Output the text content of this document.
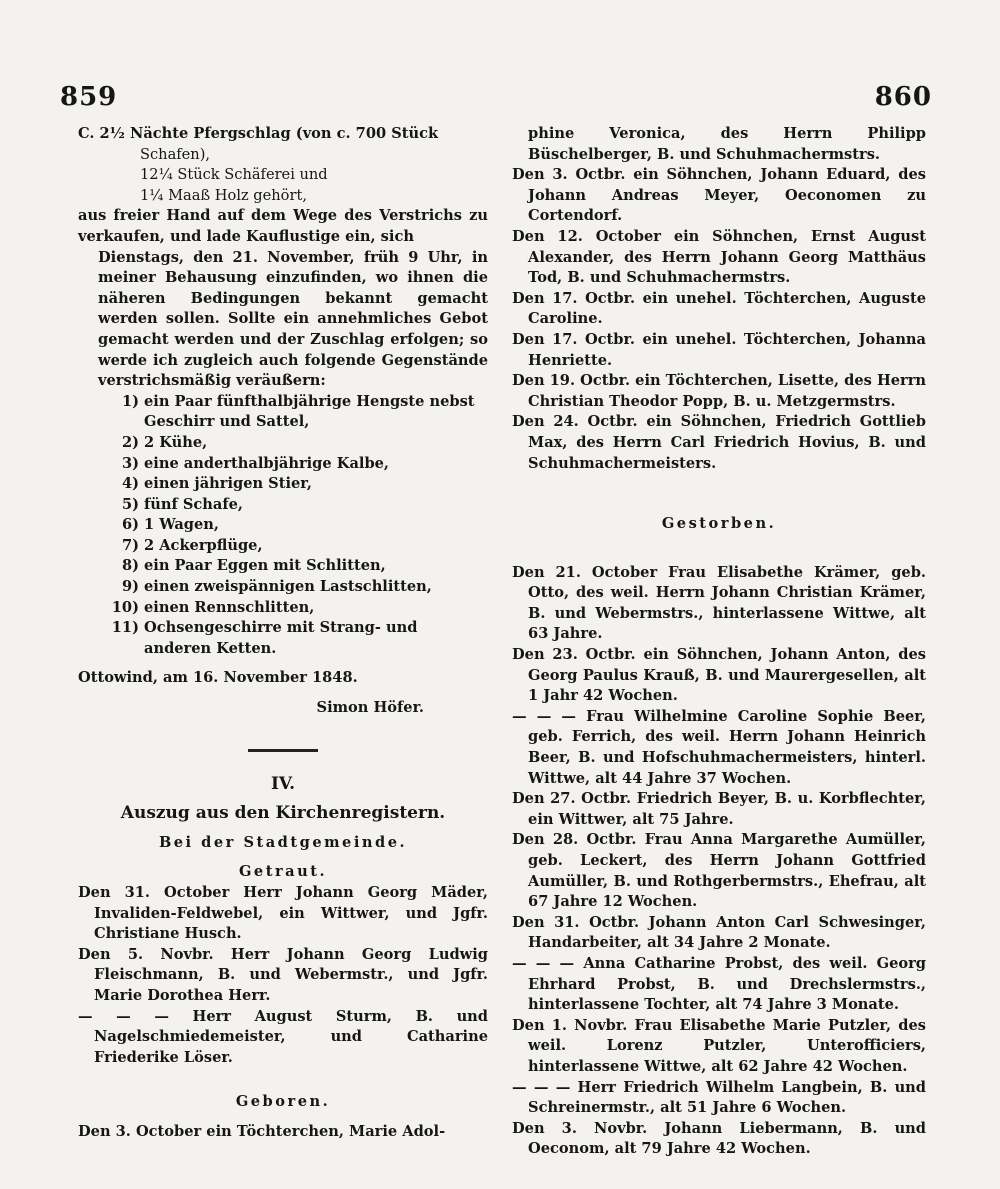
859	860

C. 2½ Nächte Pfergschlag (von c. 700 Stück

Schafen),

12¼ Stück Schäferei und

1¼ Maaß Holz gehört,

aus freier Hand auf dem Wege des Verstrichs zu verkaufen, und lade Kauflustige ein, sich

Dienstags, den 21. November, früh 9 Uhr, in meiner Behausung einzufinden, wo ihnen die näheren Bedingungen bekannt gemacht werden sollen. Sollte ein annehmliches Gebot gemacht werden und der Zuschlag erfolgen; so werde ich zugleich auch folgende Gegenstände verstrichsmäßig veräußern:

1) ein Paar fünfthalbjährige Hengste nebst Geschirr und Sattel,
2) 2 Kühe,
3) eine anderthalbjährige Kalbe,
4) einen jährigen Stier,
5) fünf Schafe,
6) 1 Wagen,
7) 2 Ackerpflüge,
8) ein Paar Eggen mit Schlitten,
9) einen zweispännigen Lastschlitten,
10) einen Rennschlitten,
11) Ochsengeschirre mit Strang- und anderen Ketten.

Ottowind, am 16. November 1848.

Simon Höfer.

IV.

Auszug aus den Kirchenregistern.

Bei der Stadtgemeinde.

Getraut.

Den 31. October Herr Johann Georg Mäder, Invaliden-Feldwebel, ein Wittwer, und Jgfr. Christiane Husch.

Den 5. Novbr. Herr Johann Georg Ludwig Fleischmann, B. und Webermstr., und Jgfr. Marie Dorothea Herr.

— — — Herr August Sturm, B. und Nagelschmiedemeister, und Catharine Friederike Löser.

Geboren.

Den 3. October ein Töchterchen, Marie Adol-

phine Veronica, des Herrn Philipp Büschelberger, B. und Schuhmachermstrs.

Den 3. Octbr. ein Söhnchen, Johann Eduard, des Johann Andreas Meyer, Oeconomen zu Cortendorf.

Den 12. October ein Söhnchen, Ernst August Alexander, des Herrn Johann Georg Matthäus Tod, B. und Schuhmachermstrs.

Den 17. Octbr. ein unehel. Töchterchen, Auguste Caroline.

Den 17. Octbr. ein unehel. Töchterchen, Johanna Henriette.

Den 19. Octbr. ein Töchterchen, Lisette, des Herrn Christian Theodor Popp, B. u. Metzgermstrs.

Den 24. Octbr. ein Söhnchen, Friedrich Gottlieb Max, des Herrn Carl Friedrich Hovius, B. und Schuhmachermeisters.

Gestorben.

Den 21. October Frau Elisabethe Krämer, geb. Otto, des weil. Herrn Johann Christian Krämer, B. und Webermstrs., hinterlassene Wittwe, alt 63 Jahre.

Den 23. Octbr. ein Söhnchen, Johann Anton, des Georg Paulus Krauß, B. und Maurergesellen, alt 1 Jahr 42 Wochen.

— — — Frau Wilhelmine Caroline Sophie Beer, geb. Ferrich, des weil. Herrn Johann Heinrich Beer, B. und Hofschuhmachermeisters, hinterl. Wittwe, alt 44 Jahre 37 Wochen.

Den 27. Octbr. Friedrich Beyer, B. u. Korbflechter, ein Wittwer, alt 75 Jahre.

Den 28. Octbr. Frau Anna Margarethe Aumüller, geb. Leckert, des Herrn Johann Gottfried Aumüller, B. und Rothgerbermstrs., Ehefrau, alt 67 Jahre 12 Wochen.

Den 31. Octbr. Johann Anton Carl Schwesinger, Handarbeiter, alt 34 Jahre 2 Monate.

— — — Anna Catharine Probst, des weil. Georg Ehrhard Probst, B. und Drechslermstrs., hinterlassene Tochter, alt 74 Jahre 3 Monate.

Den 1. Novbr. Frau Elisabethe Marie Putzler, des weil. Lorenz Putzler, Unterofficiers, hinterlassene Wittwe, alt 62 Jahre 42 Wochen.

— — — Herr Friedrich Wilhelm Langbein, B. und Schreinermstr., alt 51 Jahre 6 Wochen.

Den 3. Novbr. Johann Liebermann, B. und Oeconom, alt 79 Jahre 42 Wochen.
